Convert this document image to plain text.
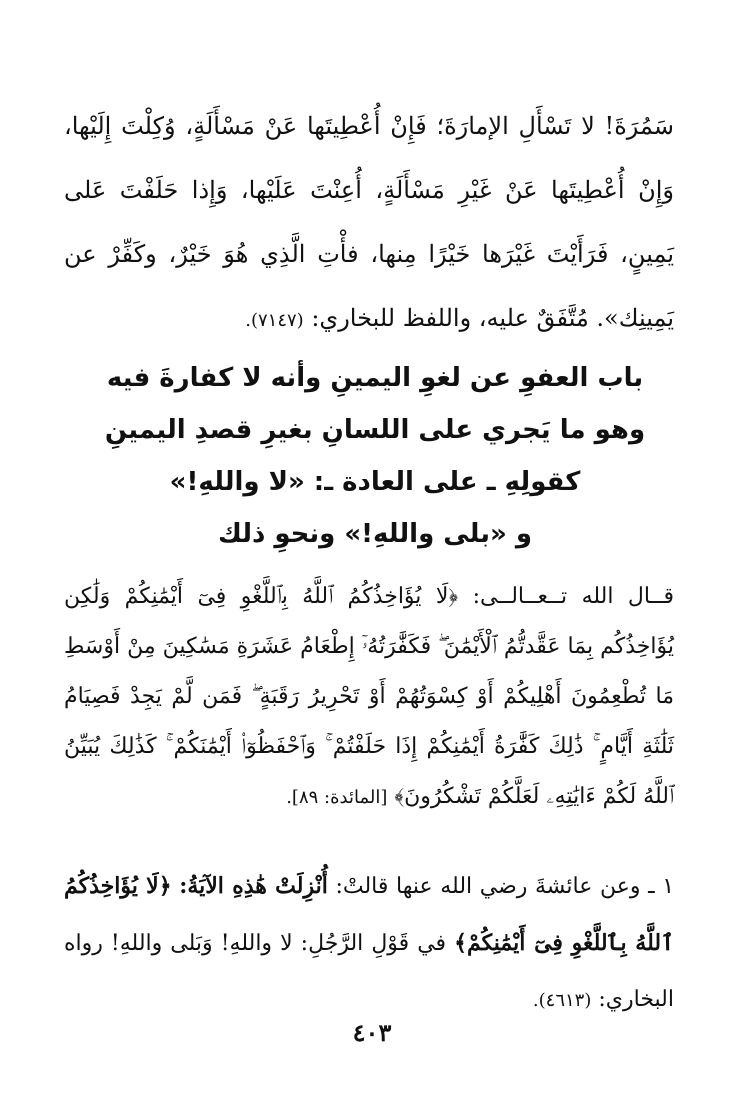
سَمُرَةَ! لا تَسْأَلِ الإمارَةَ؛ فَإِنْ أُعْطِيتَها عَنْ مَسْأَلَةٍ، وُكِلْتَ إِلَيْها، وَإِنْ أُعْطِيتَها عَنْ غَيْرِ مَسْأَلَةٍ، أُعِنْتَ عَلَيْها، وَإِذا حَلَفْتَ عَلى يَمِينٍ، فَرَأَيْتَ غَيْرَها خَيْرًا مِنها، فأْتِ الَّذِي هُوَ خَيْرٌ، وكَفِّرْ عن يَمِينِك». مُتَّفَقٌ عليه، واللفظ للبخاري: (٧١٤٧).

باب العفوِ عن لغوِ اليمينِ وأنه لا كفارةَ فيه
وهو ما يَجري على اللسانِ بغيرِ قصدِ اليمينِ
كقولِهِ ـ على العادة ـ: «لا واللهِ!»
و «بلى واللهِ!» ونحوِ ذلك

قــال الله تــعــالــى: ﴿لَا يُؤَاخِذُكُمُ ٱللَّهُ بِٱللَّغْوِ فِىٓ أَيْمَٰنِكُمْ وَلَٰكِن يُؤَاخِذُكُم بِمَا عَقَّدتُّمُ ٱلْأَيْمَٰنَ ۖ فَكَفَّٰرَتُهُۥٓ إِطْعَامُ عَشَرَةِ مَسَٰكِينَ مِنْ أَوْسَطِ مَا تُطْعِمُونَ أَهْلِيكُمْ أَوْ كِسْوَتُهُمْ أَوْ تَحْرِيرُ رَقَبَةٍ ۖ فَمَن لَّمْ يَجِدْ فَصِيَامُ ثَلَٰثَةِ أَيَّامٍ ۚ ذَٰلِكَ كَفَّٰرَةُ أَيْمَٰنِكُمْ إِذَا حَلَفْتُمْ ۚ وَٱحْفَظُوٓا۟ أَيْمَٰنَكُمْ ۚ كَذَٰلِكَ يُبَيِّنُ ٱللَّهُ لَكُمْ ءَايَٰتِهِۦ لَعَلَّكُمْ تَشْكُرُونَ﴾ [المائدة: ٨٩].

١ ـ وعن عائشةَ رضي الله عنها قالتْ: أُنْزِلَتْ هَٰذِهِ الآيَةُ: ﴿لَا يُؤَاخِذُكُمُ ٱللَّهُ بِٱللَّغْوِ فِىٓ أَيْمَٰنِكُمْ﴾ في قَوْلِ الرَّجُلِ: لا واللهِ! وَبَلى واللهِ! رواه البخاري: (٤٦١٣).

٤٠٣
